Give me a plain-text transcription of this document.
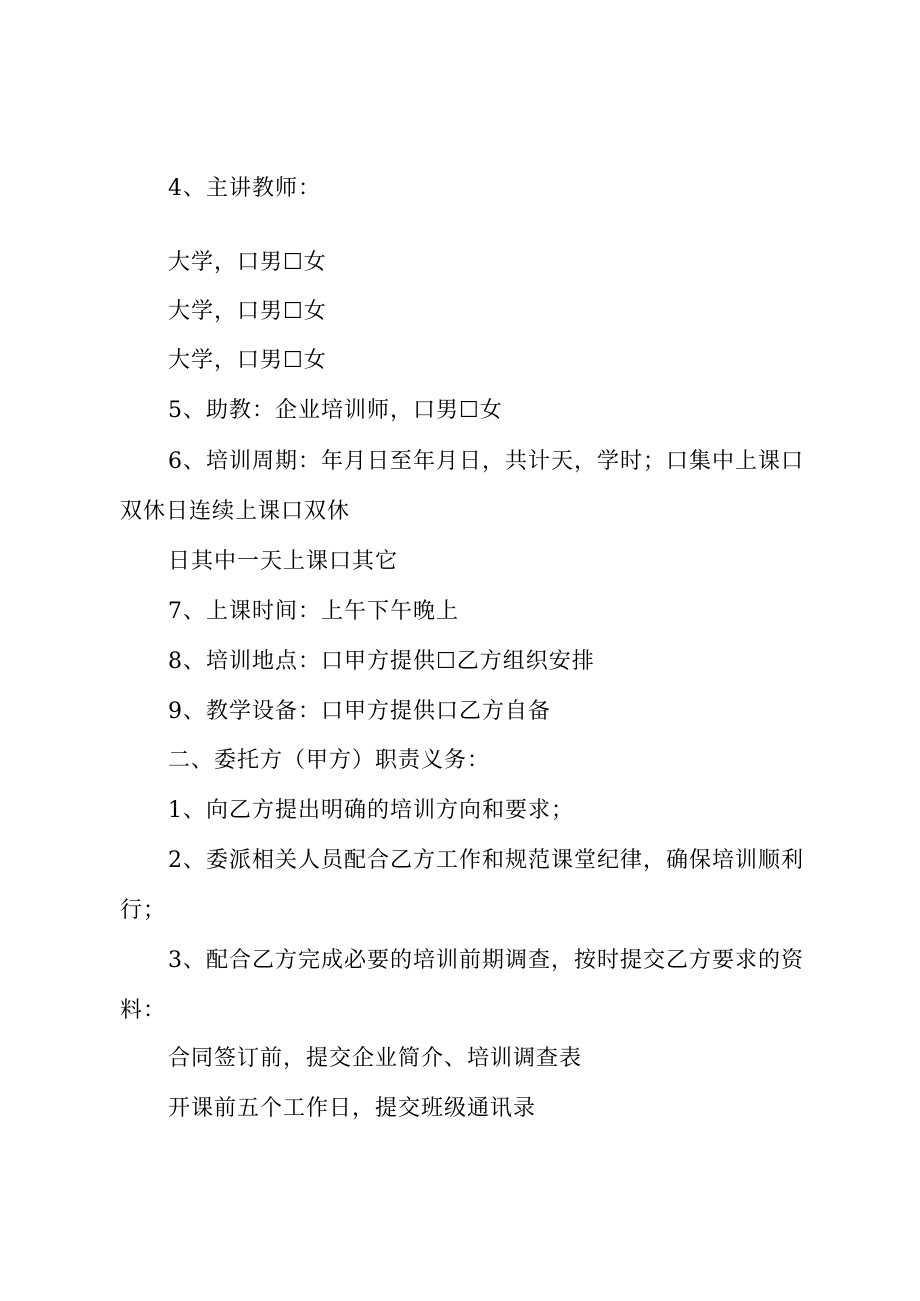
4、主讲教师：
大学，口男☐女
大学，口男☐女
大学，口男☐女
5、助教：企业培训师，口男☐女
6、培训周期：年月日至年月日，共计天，学时；口集中上课口
双休日连续上课口双休
日其中一天上课口其它
7、上课时间：上午下午晚上
8、培训地点：口甲方提供☐乙方组织安排
9、教学设备：口甲方提供口乙方自备
二、委托方（甲方）职责义务：
1、向乙方提出明确的培训方向和要求；
2、委派相关人员配合乙方工作和规范课堂纪律，确保培训顺利
行；
3、配合乙方完成必要的培训前期调查，按时提交乙方要求的资
料：
合同签订前，提交企业简介、培训调查表
开课前五个工作日，提交班级通讯录
